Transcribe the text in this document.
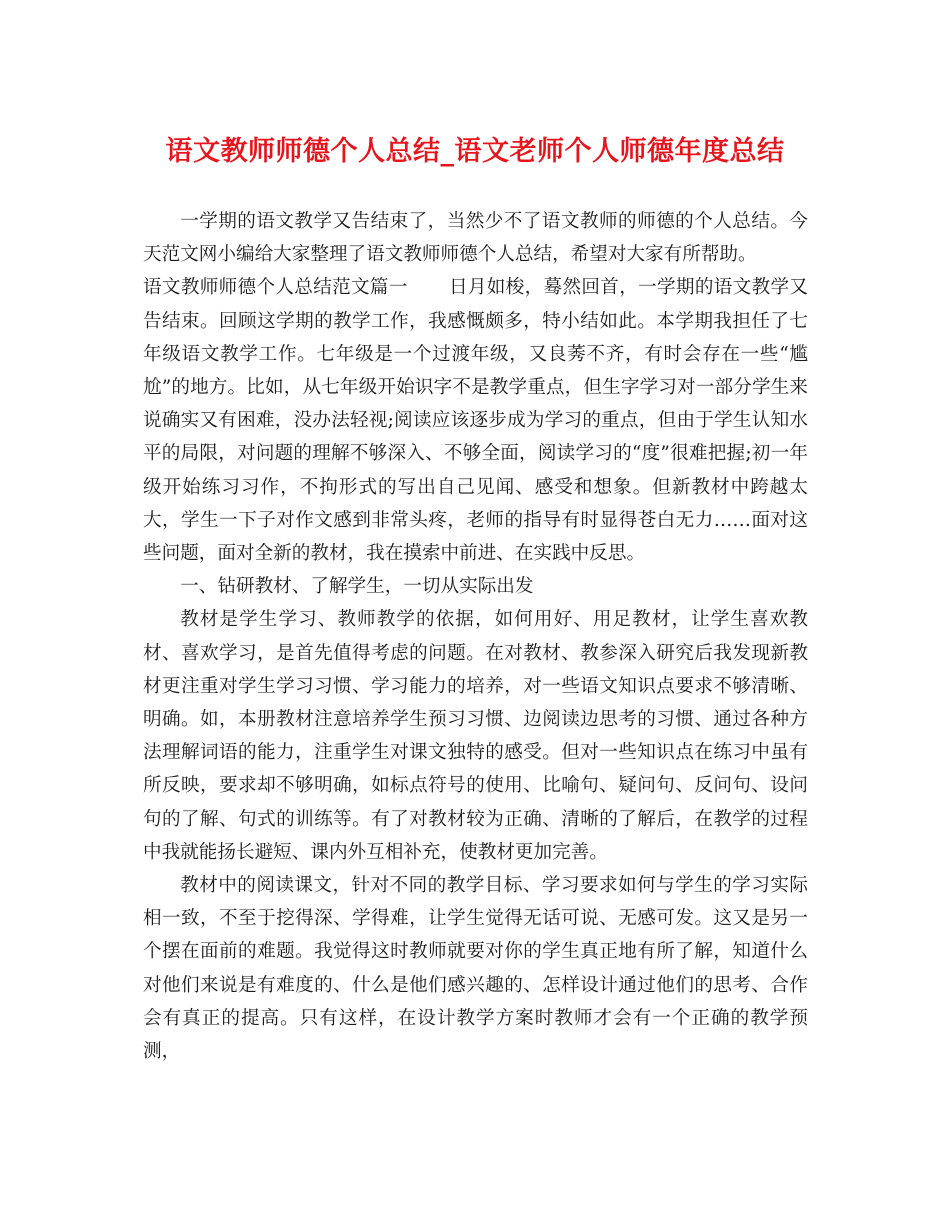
语文教师师德个人总结_语文老师个人师德年度总结

一学期的语文教学又告结束了，当然少不了语文教师的师德的个人总结。今天范文网小编给大家整理了语文教师师德个人总结，希望对大家有所帮助。
语文教师师德个人总结范文篇一 日月如梭，蓦然回首，一学期的语文教学又告结束。回顾这学期的教学工作，我感慨颇多，特小结如此。本学期我担任了七年级语文教学工作。七年级是一个过渡年级，又良莠不齐，有时会存在一些“尴尬”的地方。比如，从七年级开始识字不是教学重点，但生字学习对一部分学生来说确实又有困难，没办法轻视;阅读应该逐步成为学习的重点，但由于学生认知水平的局限，对问题的理解不够深入、不够全面，阅读学习的“度”很难把握;初一年级开始练习习作，不拘形式的写出自己见闻、感受和想象。但新教材中跨越太大，学生一下子对作文感到非常头疼，老师的指导有时显得苍白无力……面对这些问题，面对全新的教材，我在摸索中前进、在实践中反思。

一、钻研教材、了解学生，一切从实际出发

教材是学生学习、教师教学的依据，如何用好、用足教材，让学生喜欢教材、喜欢学习，是首先值得考虑的问题。在对教材、教参深入研究后我发现新教材更注重对学生学习习惯、学习能力的培养，对一些语文知识点要求不够清晰、明确。如，本册教材注意培养学生预习习惯、边阅读边思考的习惯、通过各种方法理解词语的能力，注重学生对课文独特的感受。但对一些知识点在练习中虽有所反映，要求却不够明确，如标点符号的使用、比喻句、疑问句、反问句、设问句的了解、句式的训练等。有了对教材较为正确、清晰的了解后，在教学的过程中我就能扬长避短、课内外互相补充，使教材更加完善。

教材中的阅读课文，针对不同的教学目标、学习要求如何与学生的学习实际相一致，不至于挖得深、学得难，让学生觉得无话可说、无感可发。这又是另一个摆在面前的难题。我觉得这时教师就要对你的学生真正地有所了解，知道什么对他们来说是有难度的、什么是他们感兴趣的、怎样设计通过他们的思考、合作会有真正的提高。只有这样，在设计教学方案时教师才会有一个正确的教学预测，
